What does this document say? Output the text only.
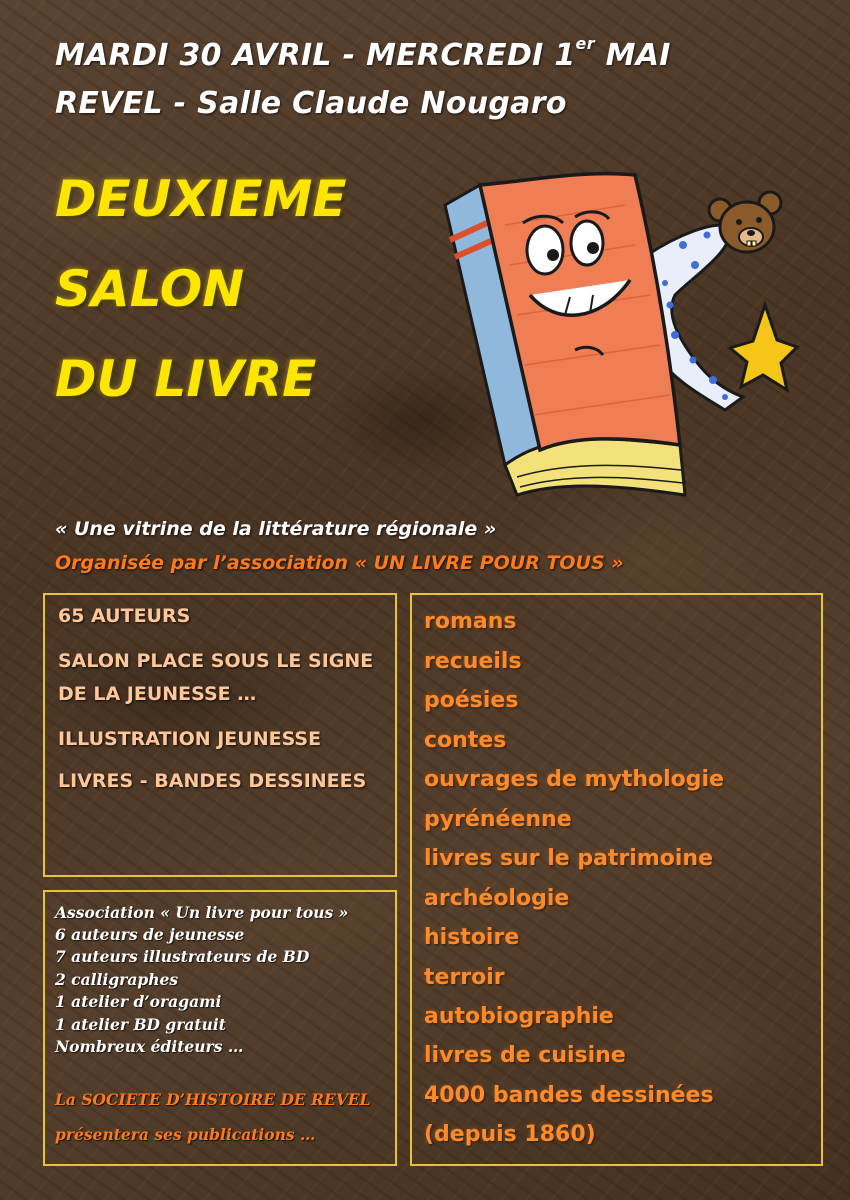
MARDI 30 AVRIL - MERCREDI 1er MAI
REVEL - Salle Claude Nougaro
DEUXIEME
SALON
DU LIVRE
« Une vitrine de la littérature régionale »
Organisée par l’association « UN LIVRE POUR TOUS »
65 AUTEURS
SALON PLACE SOUS LE SIGNE
DE LA JEUNESSE …
ILLUSTRATION JEUNESSE
LIVRES - BANDES DESSINEES
Association « Un livre pour tous »
6 auteurs de jeunesse
7 auteurs illustrateurs de BD
2 calligraphes
1 atelier d’oragami
1 atelier BD gratuit
Nombreux éditeurs …
La SOCIETE D’HISTOIRE DE REVEL
présentera ses publications …
romans
recueils
poésies
contes
ouvrages de mythologie
pyrénéenne
livres sur le patrimoine
archéologie
histoire
terroir
autobiographie
livres de cuisine
4000 bandes dessinées
(depuis 1860)
